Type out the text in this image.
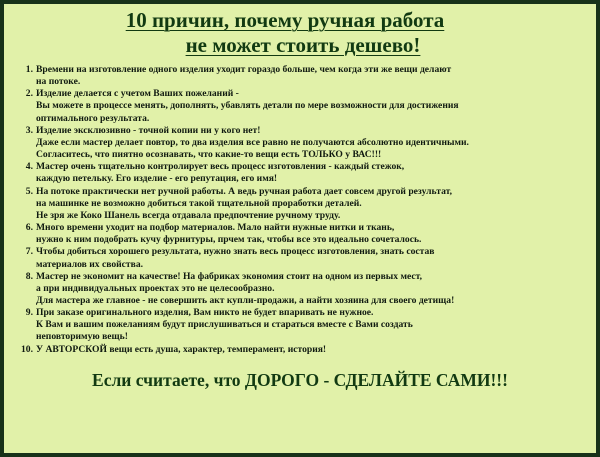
10 причин, почему ручная работа
не может стоить дешево!
1. Времени на изготовление одного изделия уходит гораздо больше, чем когда эти же вещи делают
на потоке.
2. Изделие делается с учетом Ваших пожеланий -
Вы можете в процессе менять, дополнять, убавлять детали по мере возможности для достижения
оптимального результата.
3. Изделие эксклюзивно - точной копии ни у кого нет!
Даже если мастер делает повтор, то два изделия все равно не получаются абсолютно идентичными.
Согласитесь, что пиятно осознавать, что какие-то вещи есть ТОЛЬКО у ВАС!!!
4. Мастер очень тщательно контролирует весь процесс изготовления - каждый стежок,
каждую петельку. Его изделие - его репутация, его имя!
5. На потоке практически нет ручной работы. А ведь ручная работа дает совсем другой результат,
на машинке не возможно добиться такой тщательной проработки деталей.
Не зря же Коко Шанель всегда отдавала предпочтение ручному труду.
6. Много времени уходит на подбор материалов. Мало найти нужные нитки и ткань,
нужно к ним подобрать кучу фурнитуры, прчем так, чтобы все это идеально сочеталось.
7. Чтобы добиться хорошего результата, нужно знать весь процесс изготовления, знать состав
материалов их свойства.
8. Мастер не экономит на качестве! На фабриках экономия стоит на одном из первых мест,
а при индивидуальных проектах это не целесообразно.
Для мастера же главное - не совершить акт купли-продажи, а найти хозяина для своего детища!
9. При заказе оригинального изделия, Вам никто не будет впаривать не нужное.
К Вам и вашим пожеланиям будут прислушиваться и стараться вместе с Вами создать
неповторимую вещь!
10. У АВТОРСКОЙ вещи есть душа, характер, темперамент, история!
Если считаете, что ДОРОГО - СДЕЛАЙТЕ САМИ!!!
